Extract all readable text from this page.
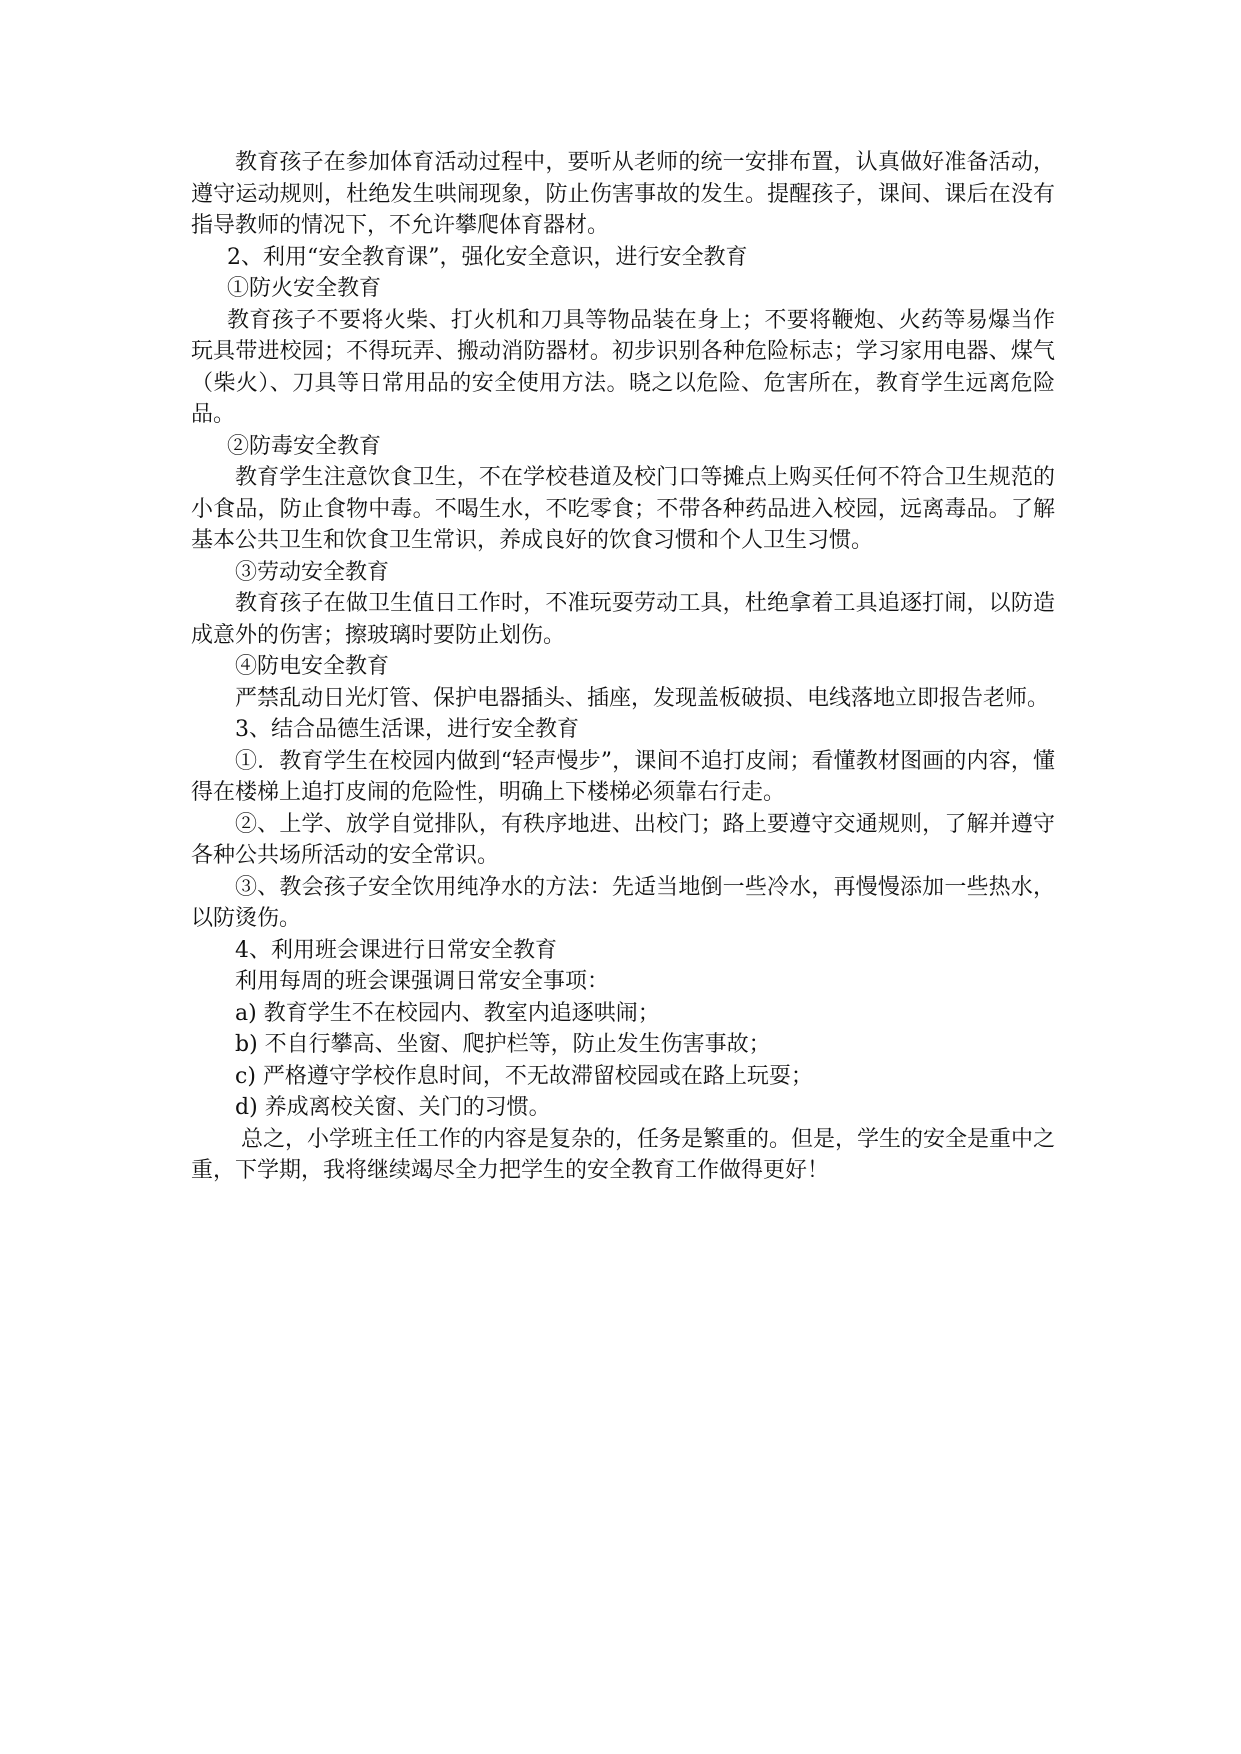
教育孩子在参加体育活动过程中，要听从老师的统一安排布置，认真做好准备活动，遵守运动规则，杜绝发生哄闹现象，防止伤害事故的发生。提醒孩子，课间、课后在没有指导教师的情况下，不允许攀爬体育器材。

2、利用“安全教育课”，强化安全意识，进行安全教育

①防火安全教育

教育孩子不要将火柴、打火机和刀具等物品装在身上；不要将鞭炮、火药等易爆当作玩具带进校园；不得玩弄、搬动消防器材。初步识别各种危险标志；学习家用电器、煤气（柴火）、刀具等日常用品的安全使用方法。晓之以危险、危害所在，教育学生远离危险品。

②防毒安全教育

教育学生注意饮食卫生，不在学校巷道及校门口等摊点上购买任何不符合卫生规范的小食品，防止食物中毒。不喝生水，不吃零食；不带各种药品进入校园，远离毒品。了解基本公共卫生和饮食卫生常识，养成良好的饮食习惯和个人卫生习惯。

③劳动安全教育

教育孩子在做卫生值日工作时，不准玩耍劳动工具，杜绝拿着工具追逐打闹，以防造成意外的伤害；擦玻璃时要防止划伤。

④防电安全教育

严禁乱动日光灯管、保护电器插头、插座，发现盖板破损、电线落地立即报告老师。

3、结合品德生活课，进行安全教育

①．教育学生在校园内做到“轻声慢步”，课间不追打皮闹；看懂教材图画的内容，懂得在楼梯上追打皮闹的危险性，明确上下楼梯必须靠右行走。

②、上学、放学自觉排队，有秩序地进、出校门；路上要遵守交通规则，了解并遵守各种公共场所活动的安全常识。

③、教会孩子安全饮用纯净水的方法：先适当地倒一些冷水，再慢慢添加一些热水，以防烫伤。

4、利用班会课进行日常安全教育

利用每周的班会课强调日常安全事项：

a) 教育学生不在校园内、教室内追逐哄闹；

b) 不自行攀高、坐窗、爬护栏等，防止发生伤害事故；

c) 严格遵守学校作息时间，不无故滞留校园或在路上玩耍；

d) 养成离校关窗、关门的习惯。

总之，小学班主任工作的内容是复杂的，任务是繁重的。但是，学生的安全是重中之重，下学期，我将继续竭尽全力把学生的安全教育工作做得更好！
